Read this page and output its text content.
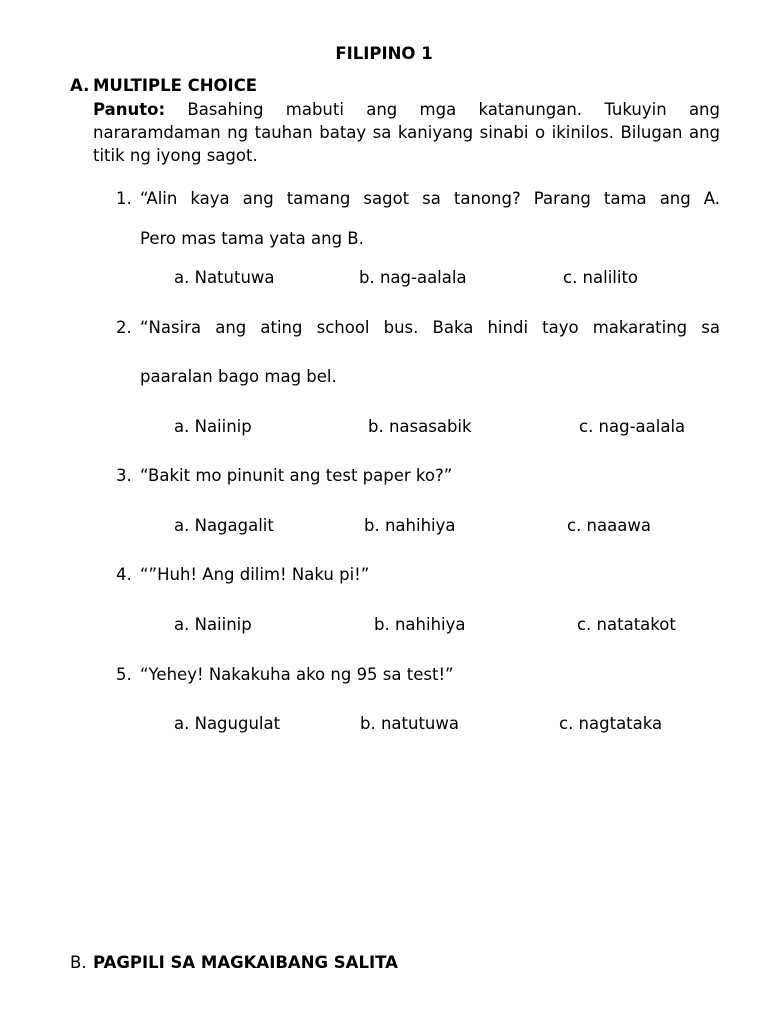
FILIPINO 1
A. MULTIPLE CHOICE
Panuto: Basahing mabuti ang mga katanungan. Tukuyin ang nararamdaman ng tauhan batay sa kaniyang sinabi o ikinilos. Bilugan ang titik ng iyong sagot.
1. “Alin kaya ang tamang sagot sa tanong? Parang tama ang A.
Pero mas tama yata ang B.
a. Natutuwa	b. nag-aalala	c. nalilito
2. “Nasira ang ating school bus. Baka hindi tayo makarating sa
paaralan bago mag bel.
a. Naiinip	b. nasasabik	c. nag-aalala
3. “Bakit mo pinunit ang test paper ko?”
a. Nagagalit	b. nahihiya	c. naaawa
4. “”Huh! Ang dilim! Naku pi!”
a. Naiinip	b. nahihiya	c. natatakot
5. “Yehey! Nakakuha ako ng 95 sa test!”
a. Nagugulat	b. natutuwa	c. nagtataka
B. PAGPILI SA MAGKAIBANG SALITA
